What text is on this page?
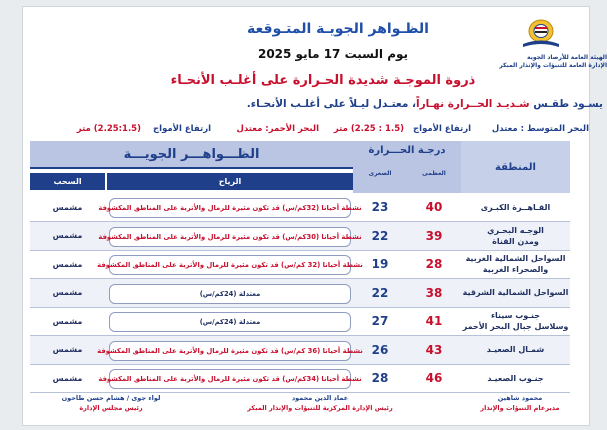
الهيئة العامة للأرصاد الجوية
الإدارة العامة للتنبؤات والإنذار المبكر
الظـواهر الجويـة المتـوقعة
يوم السبت 17 مايو 2025
ذروة الموجـة شديدة الحـرارة على أغلـب الأنحـاء
يسـود طقـس شـديـد الحــرارة نهـاراً، معتـدل ليـلاً على أغلـب الأنحـاء.
البحر المتوسط : معتدل
ارتفاع الأمواج
(1.5 : 2.25) متر
البحر الأحمر: معتدل
ارتفاع الأمواج
(2.25:1.5) متر
المنطقة
درجـة الحـــرارة
العظمى
الصغرى
الظـــواهـــر الجويـــة
الرياح
السحب
القـاهــرة الكبـرى
40
23
نشطة أحيانا (32كم/س) قد تكون مثيرة للرمال والأتربة على المناطق المكشوفة
مشمس
الوجـه البحـري
ومدن القناة
39
22
نشطة أحيانا (30كم/س) قد تكون مثيرة للرمال والأتربة على المناطق المكشوفة
مشمس
السواحل الشمالية الغربية
والصحراء الغربية
28
19
نشطة أحيانا (32 كم/س) قد تكون مثيرة للرمال والأتربة على المناطق المكشوفة
مشمس
السواحل الشمالية الشرقية
38
22
معتدلة (24كم/س)
مشمس
جنـوب سيناء
وسلاسل جبال البحر الأحمر
41
27
معتدلة (24كم/س)
مشمس
شمـال الصعيـد
43
26
نشطة أحيانا (36 كم/س) قد تكون مثيرة للرمال والأتربة على المناطق المكشوفة
مشمس
جنـوب الصعيـد
46
28
نشطة أحيانا (34كم/س) قد تكون مثيرة للرمال والأتربة على المناطق المكشوفة
مشمس
محمود شاهين
مديرعام التنبؤات والإنذار
عماد الدين محمود
رئيس الإدارة المركزية للتنبؤات والإنذار المبكر
لواء جوى / هشام حسن طاحون
رئيس مجلس الإدارة
